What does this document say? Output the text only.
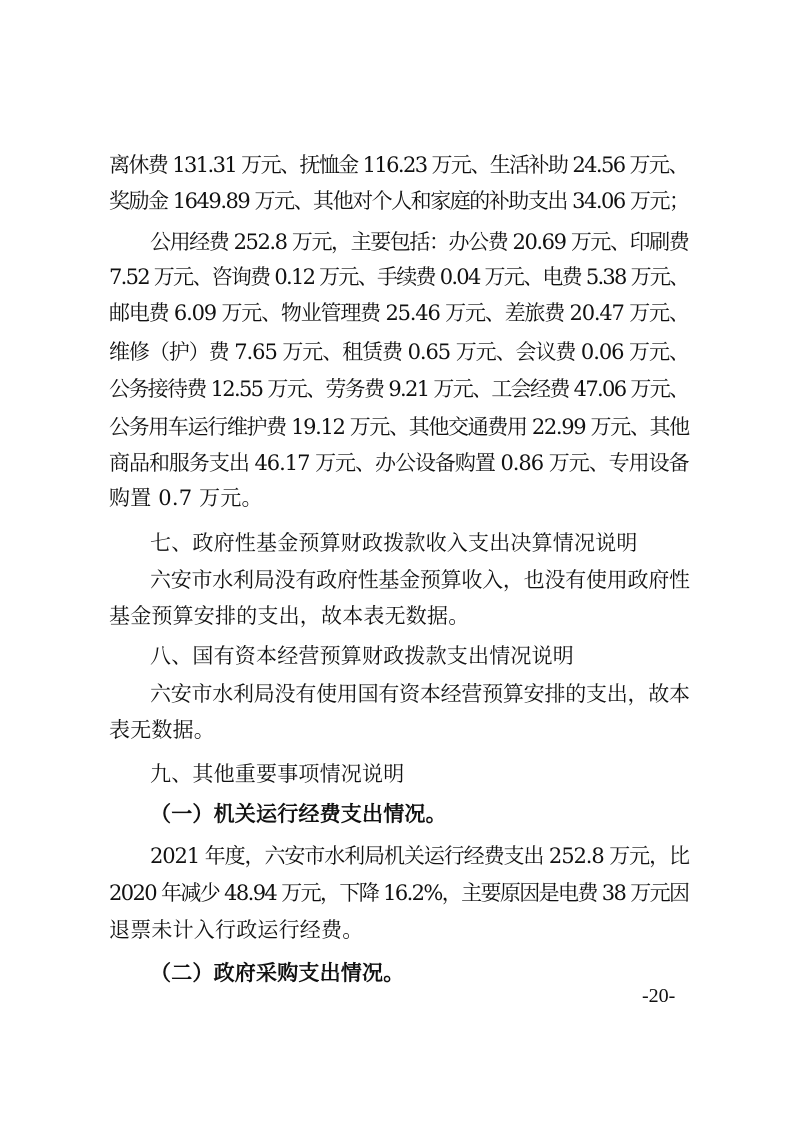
离休费 131.31 万元、抚恤金 116.23 万元、生活补助 24.56 万元、
奖励金 1649.89 万元、其他对个人和家庭的补助支出 34.06 万元；
公用经费 252.8 万元，主要包括：办公费 20.69 万元、印刷费
7.52 万元、咨询费 0.12 万元、手续费 0.04 万元、电费 5.38 万元、
邮电费 6.09 万元、物业管理费 25.46 万元、差旅费 20.47 万元、
维修（护）费 7.65 万元、租赁费 0.65 万元、会议费 0.06 万元、
公务接待费 12.55 万元、劳务费 9.21 万元、工会经费 47.06 万元、
公务用车运行维护费 19.12 万元、其他交通费用 22.99 万元、其他
商品和服务支出 46.17 万元、办公设备购置 0.86 万元、专用设备
购置 0.7 万元。
七、政府性基金预算财政拨款收入支出决算情况说明
六安市水利局没有政府性基金预算收入，也没有使用政府性
基金预算安排的支出，故本表无数据。
八、国有资本经营预算财政拨款支出情况说明
六安市水利局没有使用国有资本经营预算安排的支出，故本
表无数据。
九、其他重要事项情况说明
（一）机关运行经费支出情况。
2021 年度，六安市水利局机关运行经费支出 252.8 万元，比
2020 年减少 48.94 万元，下降 16.2%，主要原因是电费 38 万元因
退票未计入行政运行经费。
（二）政府采购支出情况。
-20-
